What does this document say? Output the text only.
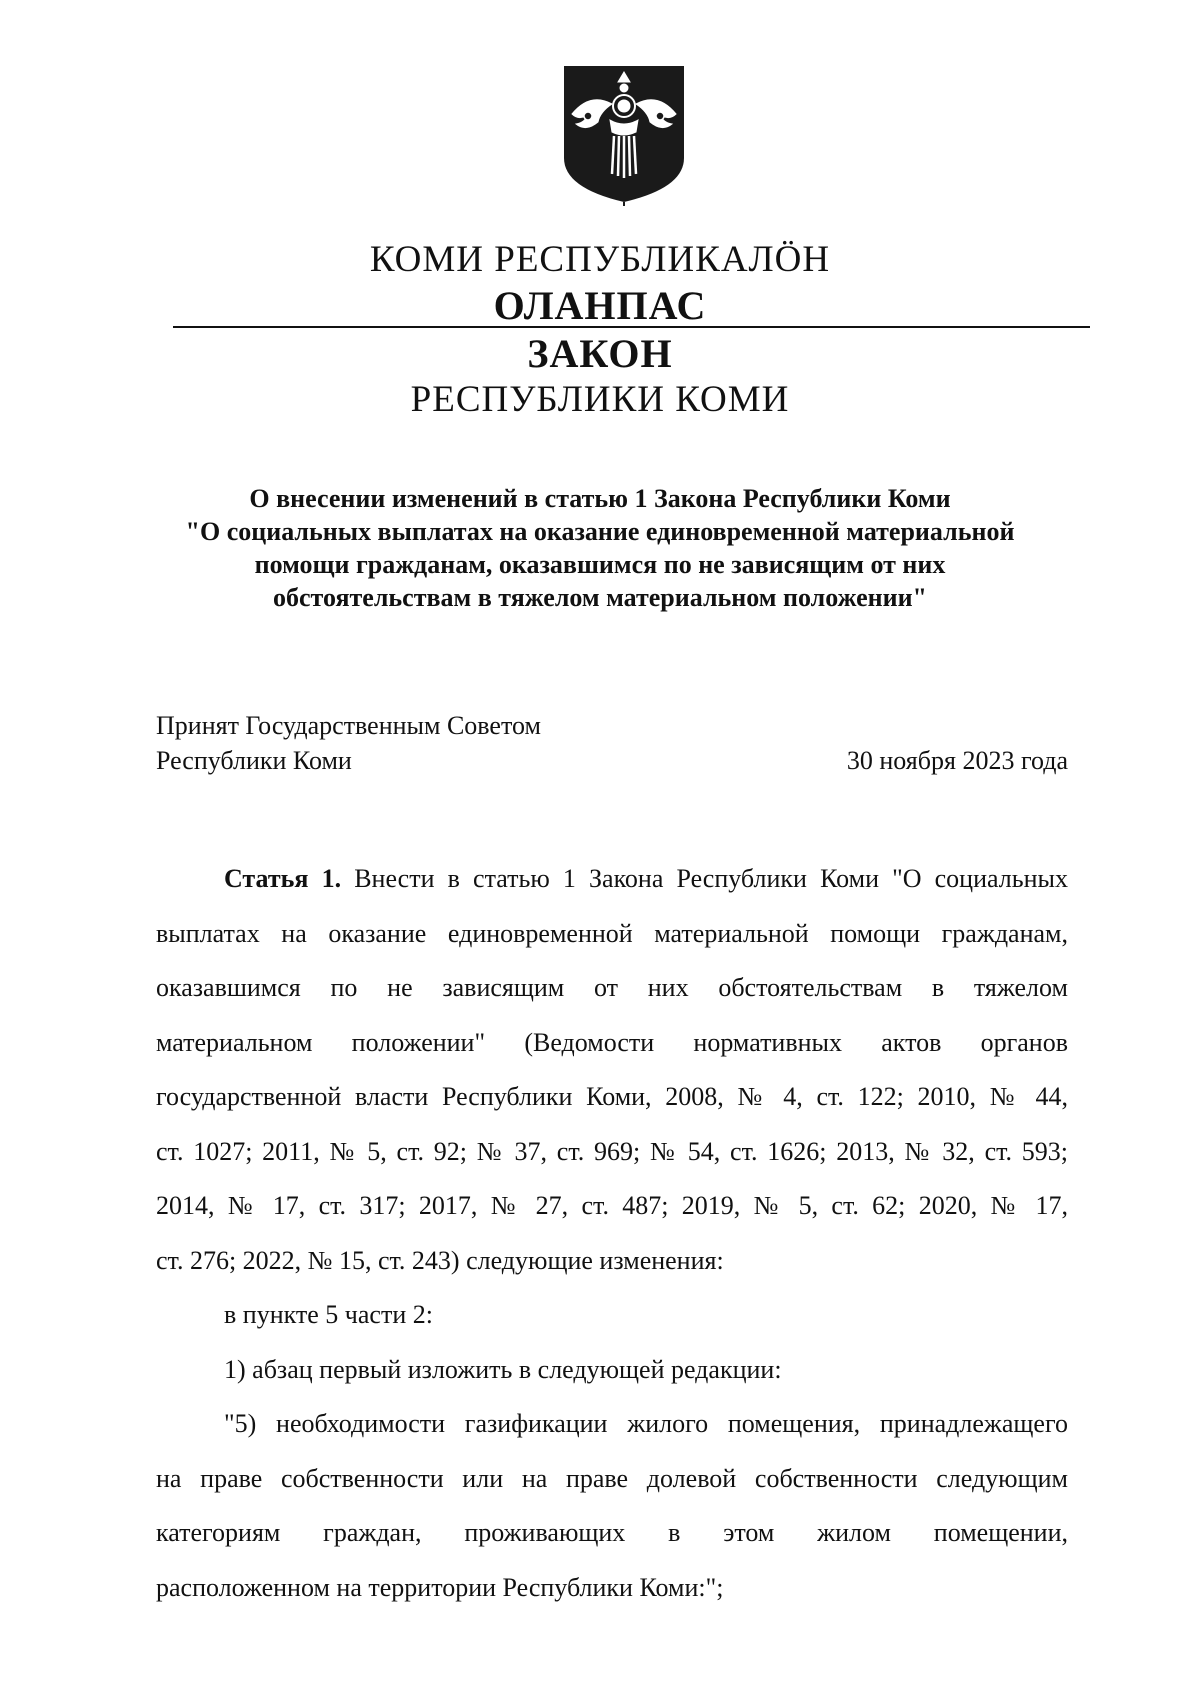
КОМИ РЕСПУБЛИКАЛӦН
ОЛАНПАС
ЗАКОН
РЕСПУБЛИКИ КОМИ
О внесении изменений в статью 1 Закона Республики Коми
"О социальных выплатах на оказание единовременной материальной
помощи гражданам, оказавшимся по не зависящим от них
обстоятельствам в тяжелом материальном положении"
Принят Государственным Советом
Республики Коми	30 ноября 2023 года
Статья 1. Внести в статью 1 Закона Республики Коми "О социальных
выплатах на оказание единовременной материальной помощи гражданам,
оказавшимся по не зависящим от них обстоятельствам в тяжелом
материальном положении" (Ведомости нормативных актов органов
государственной власти Республики Коми, 2008, № 4, ст. 122; 2010, № 44,
ст. 1027; 2011, № 5, ст. 92; № 37, ст. 969; № 54, ст. 1626; 2013, № 32, ст. 593;
2014, № 17, ст. 317; 2017, № 27, ст. 487; 2019, № 5, ст. 62; 2020, № 17,
ст. 276; 2022, № 15, ст. 243) следующие изменения:
в пункте 5 части 2:
1) абзац первый изложить в следующей редакции:
"5) необходимости газификации жилого помещения, принадлежащего
на праве собственности или на праве долевой собственности следующим
категориям граждан, проживающих в этом жилом помещении,
расположенном на территории Республики Коми:";
